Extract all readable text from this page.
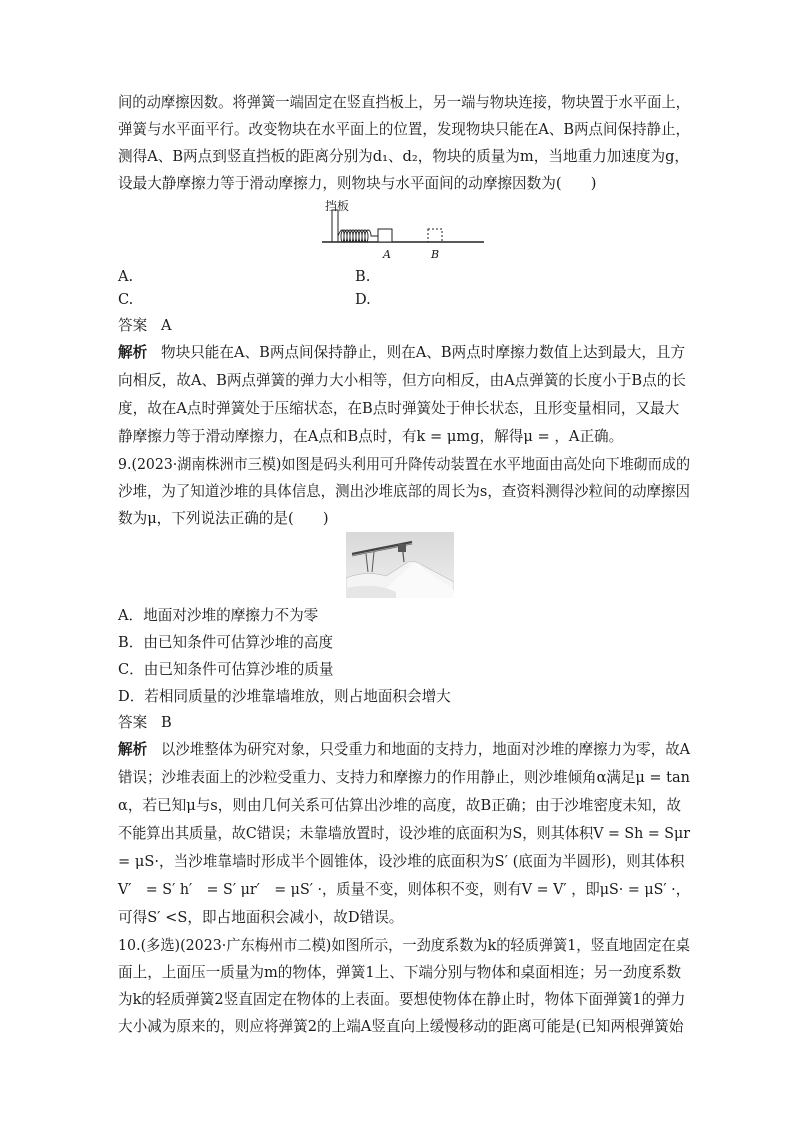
间的动摩擦因数。将弹簧一端固定在竖直挡板上，另一端与物块连接，物块置于水平面上，
弹簧与水平面平行。改变物块在水平面上的位置，发现物块只能在A、B两点间保持静止，
测得A、B两点到竖直挡板的距离分别为d₁、d₂，物块的质量为m，当地重力加速度为g，
设最大静摩擦力等于滑动摩擦力，则物块与水平面间的动摩擦因数为(　　)
挡板
A	B
A.	B.
C.	D.
答案 A
解析 物块只能在A、B两点间保持静止，则在A、B两点时摩擦力数值上达到最大，且方
向相反，故A、B两点弹簧的弹力大小相等，但方向相反，由A点弹簧的长度小于B点的长
度，故在A点时弹簧处于压缩状态，在B点时弹簧处于伸长状态，且形变量相同，又最大
静摩擦力等于滑动摩擦力，在A点和B点时，有k = μmg，解得μ = ，A正确。
9.(2023·湖南株洲市三模)如图是码头利用可升降传动装置在水平地面由高处向下堆砌而成的
沙堆，为了知道沙堆的具体信息，测出沙堆底部的周长为s，查资料测得沙粒间的动摩擦因
数为μ，下列说法正确的是(　　)
A．地面对沙堆的摩擦力不为零
B．由已知条件可估算沙堆的高度
C．由已知条件可估算沙堆的质量
D．若相同质量的沙堆靠墙堆放，则占地面积会增大
答案 B
解析 以沙堆整体为研究对象，只受重力和地面的支持力，地面对沙堆的摩擦力为零，故A
错误；沙堆表面上的沙粒受重力、支持力和摩擦力的作用静止，则沙堆倾角α满足μ = tan
α，若已知μ与s，则由几何关系可估算出沙堆的高度，故B正确；由于沙堆密度未知，故
不能算出其质量，故C错误；未靠墙放置时，设沙堆的底面积为S，则其体积V = Sh = Sμr
= μS·，当沙堆靠墙时形成半个圆锥体，设沙堆的底面积为S′ (底面为半圆形)，则其体积
V′　= S′ h′　= S′ μr′　= μS′ ·，质量不变，则体积不变，则有V = V′ ，即μS· = μS′ ·，
可得S′ <S，即占地面积会减小，故D错误。
10.(多选)(2023·广东梅州市二模)如图所示，一劲度系数为k的轻质弹簧1，竖直地固定在桌
面上，上面压一质量为m的物体，弹簧1上、下端分别与物体和桌面相连；另一劲度系数
为k的轻质弹簧2竖直固定在物体的上表面。要想使物体在静止时，物体下面弹簧1的弹力
大小减为原来的，则应将弹簧2的上端A竖直向上缓慢移动的距离可能是(已知两根弹簧始
